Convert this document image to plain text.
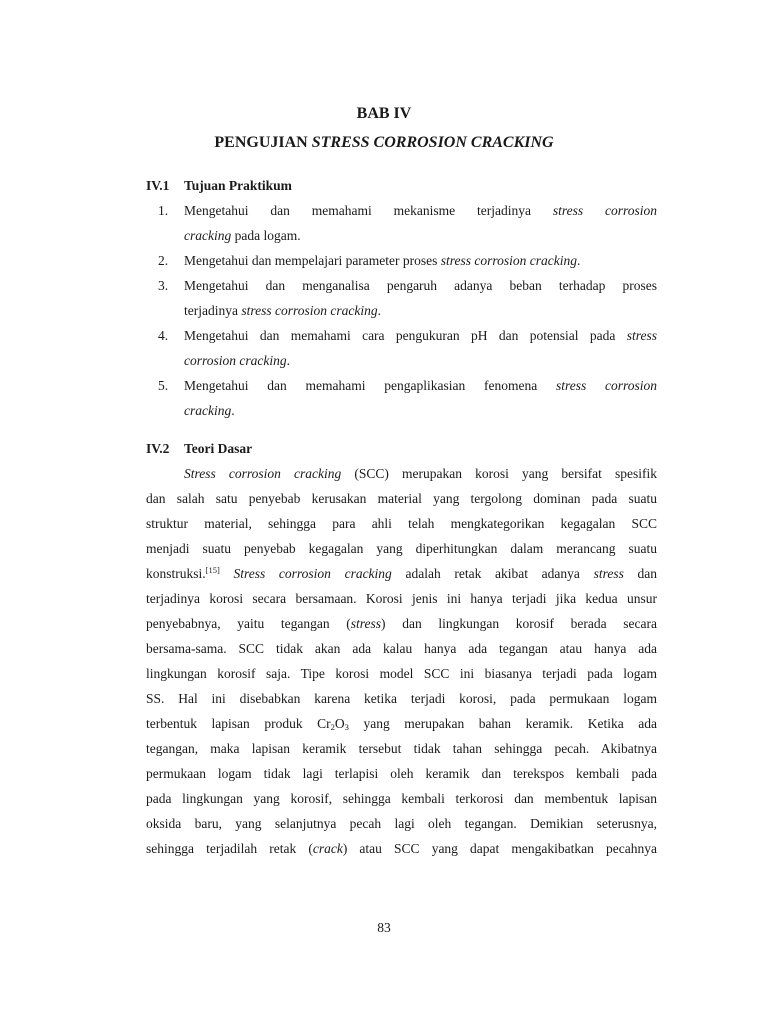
BAB IV
PENGUJIAN STRESS CORROSION CRACKING
IV.1 Tujuan Praktikum
1. Mengetahui dan memahami mekanisme terjadinya stress corrosion
cracking pada logam.
2. Mengetahui dan mempelajari parameter proses stress corrosion cracking.
3. Mengetahui dan menganalisa pengaruh adanya beban terhadap proses
terjadinya stress corrosion cracking.
4. Mengetahui dan memahami cara pengukuran pH dan potensial pada stress
corrosion cracking.
5. Mengetahui dan memahami pengaplikasian fenomena stress corrosion
cracking.
IV.2 Teori Dasar
Stress corrosion cracking (SCC) merupakan korosi yang bersifat spesifik
dan salah satu penyebab kerusakan material yang tergolong dominan pada suatu
struktur material, sehingga para ahli telah mengkategorikan kegagalan SCC
menjadi suatu penyebab kegagalan yang diperhitungkan dalam merancang suatu
konstruksi.[15] Stress corrosion cracking adalah retak akibat adanya stress dan
terjadinya korosi secara bersamaan. Korosi jenis ini hanya terjadi jika kedua unsur
penyebabnya, yaitu tegangan (stress) dan lingkungan korosif berada secara
bersama-sama. SCC tidak akan ada kalau hanya ada tegangan atau hanya ada
lingkungan korosif saja. Tipe korosi model SCC ini biasanya terjadi pada logam
SS. Hal ini disebabkan karena ketika terjadi korosi, pada permukaan logam
terbentuk lapisan produk $Cr_2O_3$ yang merupakan bahan keramik. Ketika ada
tegangan, maka lapisan keramik tersebut tidak tahan sehingga pecah. Akibatnya
permukaan logam tidak lagi terlapisi oleh keramik dan terekspos kembali pada
pada lingkungan yang korosif, sehingga kembali terkorosi dan membentuk lapisan
oksida baru, yang selanjutnya pecah lagi oleh tegangan. Demikian seterusnya,
sehingga terjadilah retak (crack) atau SCC yang dapat mengakibatkan pecahnya
83
